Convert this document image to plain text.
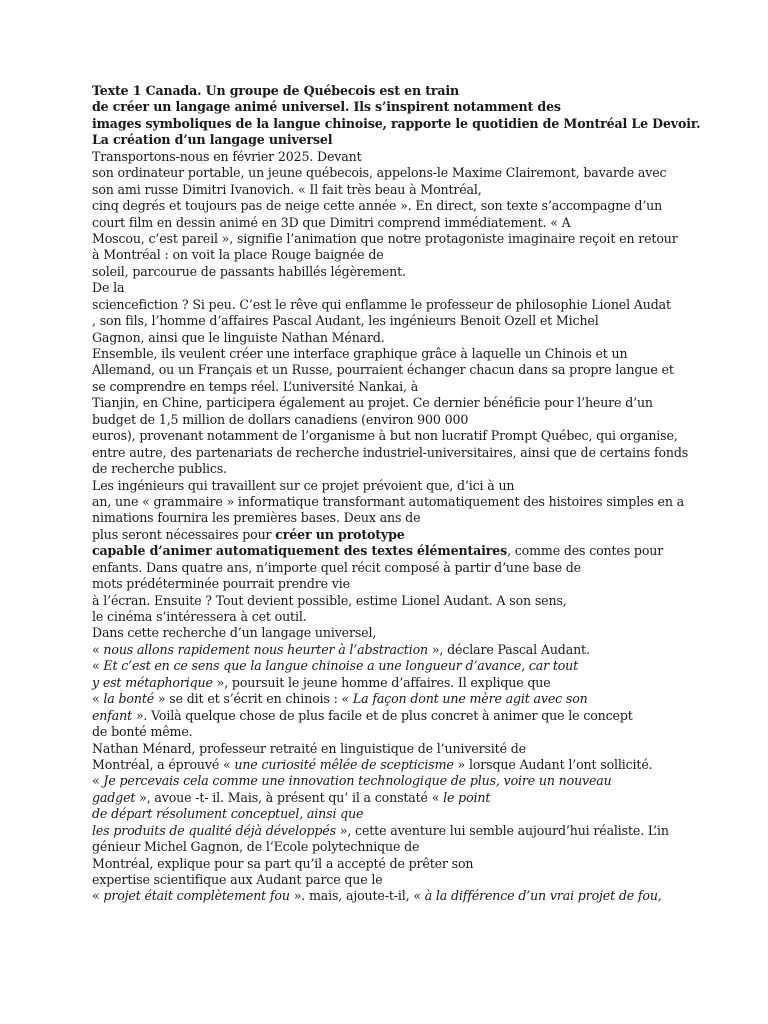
Texte 1 Canada. Un groupe de Québecois est en train
de créer un langage animé universel. Ils s’inspirent notamment des
images symboliques de la langue chinoise, rapporte le quotidien de Montréal Le Devoir.
La création d’un langage universel
Transportons-nous en février 2025. Devant
son ordinateur portable, un jeune québecois, appelons-le Maxime Clairemont, bavarde avec
son ami russe Dimitri Ivanovich. « Il fait très beau à Montréal,
cinq degrés et toujours pas de neige cette année ». En direct, son texte s’accompagne d’un
court film en dessin animé en 3D que Dimitri comprend immédiatement. « A
Moscou, c’est pareil », signifie l’animation que notre protagoniste imaginaire reçoit en retour
à Montréal : on voit la place Rouge baignée de
soleil, parcourue de passants habillés légèrement.
De la
sciencefiction ? Si peu. C’est le rêve qui enflamme le professeur de philosophie Lionel Audat
, son fils, l’homme d’affaires Pascal Audant, les ingénieurs Benoit Ozell et Michel
Gagnon, ainsi que le linguiste Nathan Ménard.
Ensemble, ils veulent créer une interface graphique grâce à laquelle un Chinois et un
Allemand, ou un Français et un Russe, pourraient échanger chacun dans sa propre langue et
se comprendre en temps réel. L’université Nankai, à
Tianjin, en Chine, participera également au projet. Ce dernier bénéficie pour l’heure d’un
budget de 1,5 million de dollars canadiens (environ 900 000
euros), provenant notamment de l’organisme à but non lucratif Prompt Québec, qui organise,
entre autre, des partenariats de recherche industriel-universitaires, ainsi que de certains fonds
de recherche publics.
Les ingénieurs qui travaillent sur ce projet prévoient que, d’ici à un
an, une « grammaire » informatique transformant automatiquement des histoires simples en a
nimations fournira les premières bases. Deux ans de
plus seront nécessaires pour créer un prototype
capable d’animer automatiquement des textes élémentaires, comme des contes pour
enfants. Dans quatre ans, n’importe quel récit composé à partir d’une base de
mots prédéterminée pourrait prendre vie
à l’écran. Ensuite ? Tout devient possible, estime Lionel Audant. A son sens,
le cinéma s’intéressera à cet outil.
Dans cette recherche d’un langage universel,
« nous allons rapidement nous heurter à l’abstraction », déclare Pascal Audant.
« Et c’est en ce sens que la langue chinoise a une longueur d’avance, car tout
y est métaphorique », poursuit le jeune homme d’affaires. Il explique que
« la bonté » se dit et s’écrit en chinois : « La façon dont une mère agit avec son
enfant ». Voilà quelque chose de plus facile et de plus concret à animer que le concept
de bonté même.
Nathan Ménard, professeur retraité en linguistique de l’université de
Montréal, a éprouvé « une curiosité mêlée de scepticisme » lorsque Audant l’ont sollicité.
« Je percevais cela comme une innovation technologique de plus, voire un nouveau
gadget », avoue -t- il. Mais, à présent qu’ il a constaté « le point
de départ résolument conceptuel, ainsi que
les produits de qualité déjà développés », cette aventure lui semble aujourd’hui réaliste. L’in
génieur Michel Gagnon, de l’Ecole polytechnique de
Montréal, explique pour sa part qu’il a accepté de prêter son
expertise scientifique aux Audant parce que le
« projet était complètement fou ». mais, ajoute-t-il, « à la différence d’un vrai projet de fou,
